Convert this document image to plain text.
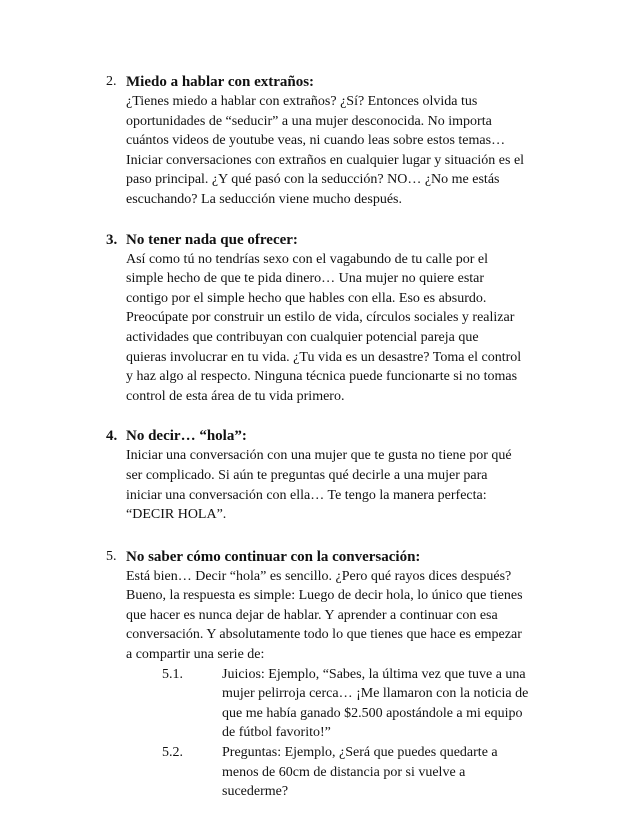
2. Miedo a hablar con extraños:

¿Tienes miedo a hablar con extraños? ¿Sí? Entonces olvida tus
oportunidades de “seducir” a una mujer desconocida. No importa
cuántos videos de youtube veas, ni cuando leas sobre estos temas…
Iniciar conversaciones con extraños en cualquier lugar y situación es el
paso principal. ¿Y qué pasó con la seducción? NO… ¿No me estás
escuchando? La seducción viene mucho después.

3. No tener nada que ofrecer:

Así como tú no tendrías sexo con el vagabundo de tu calle por el
simple hecho de que te pida dinero… Una mujer no quiere estar
contigo por el simple hecho que hables con ella. Eso es absurdo.
Preocúpate por construir un estilo de vida, círculos sociales y realizar
actividades que contribuyan con cualquier potencial pareja que
quieras involucrar en tu vida. ¿Tu vida es un desastre? Toma el control
y haz algo al respecto. Ninguna técnica puede funcionarte si no tomas
control de esta área de tu vida primero.

4. No decir… “hola”:

Iniciar una conversación con una mujer que te gusta no tiene por qué
ser complicado. Si aún te preguntas qué decirle a una mujer para
iniciar una conversación con ella… Te tengo la manera perfecta:
“DECIR HOLA”.

5. No saber cómo continuar con la conversación:

Está bien… Decir “hola” es sencillo. ¿Pero qué rayos dices después?
Bueno, la respuesta es simple: Luego de decir hola, lo único que tienes
que hacer es nunca dejar de hablar. Y aprender a continuar con esa
conversación. Y absolutamente todo lo que tienes que hace es empezar
a compartir una serie de:

5.1.	Juicios: Ejemplo, “Sabes, la última vez que tuve a una
mujer pelirroja cerca… ¡Me llamaron con la noticia de
que me había ganado $2.500 apostándole a mi equipo
de fútbol favorito!”
5.2.	Preguntas: Ejemplo, ¿Será que puedes quedarte a
menos de 60cm de distancia por si vuelve a
sucederme?
